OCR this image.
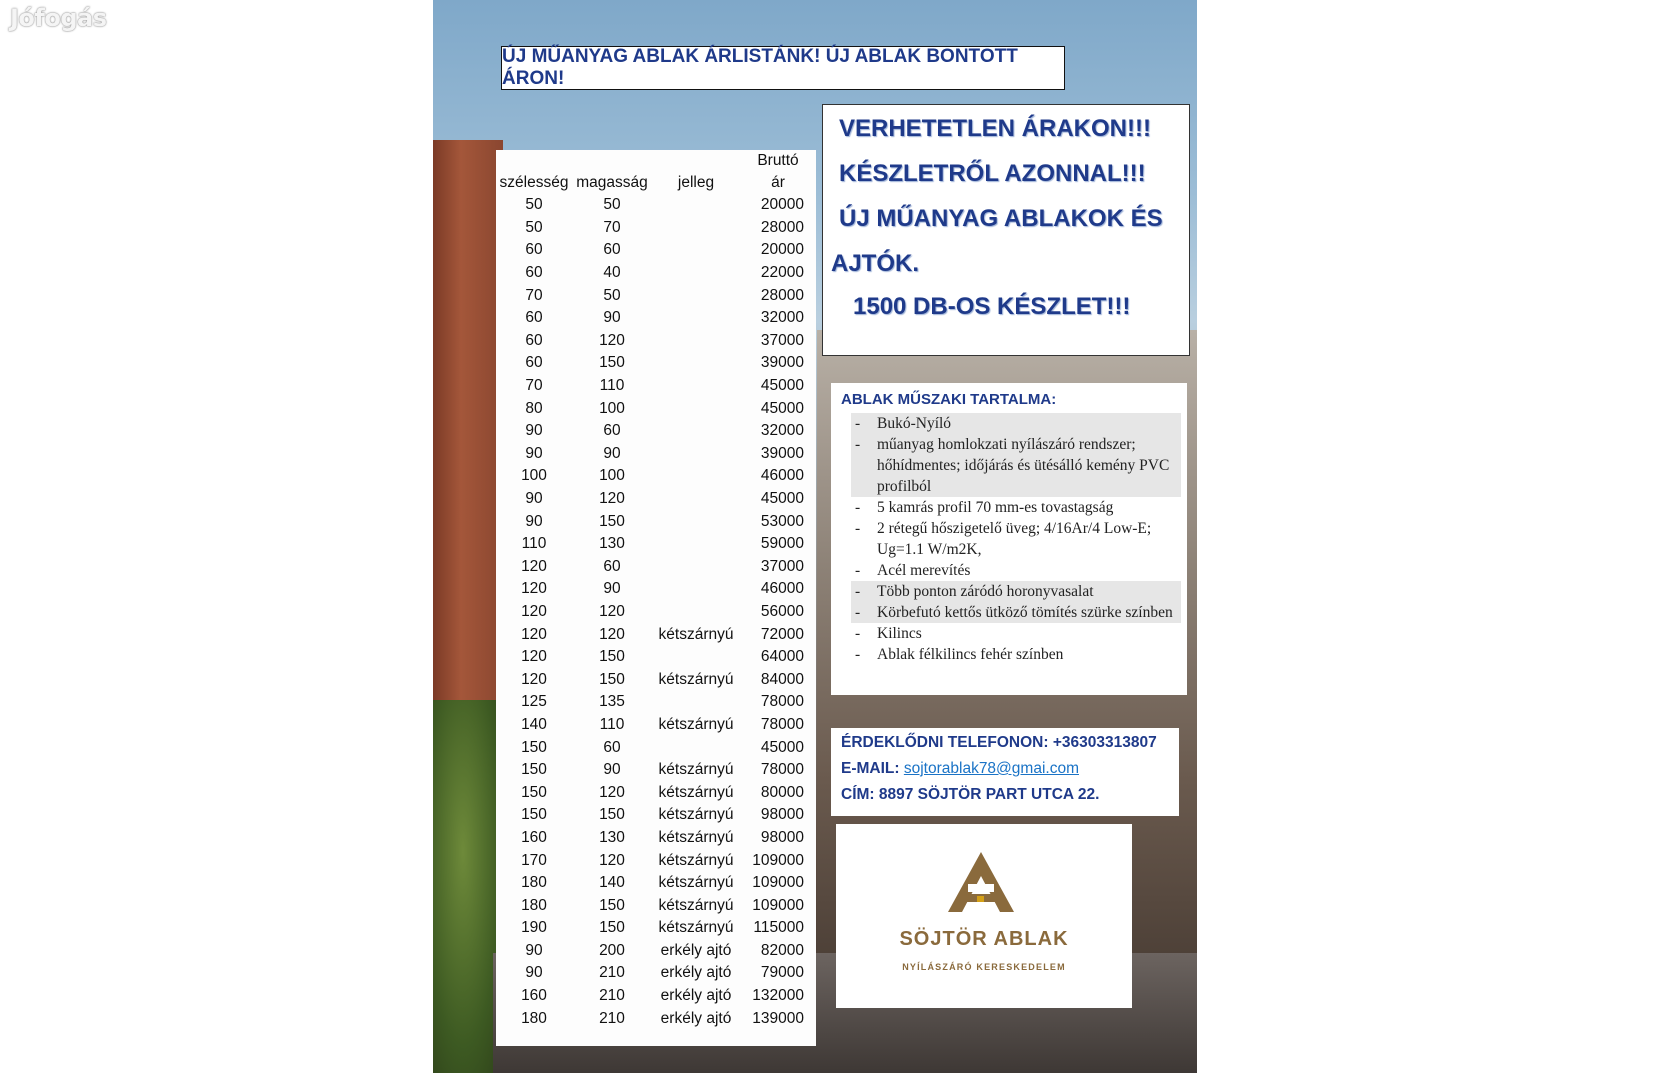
Jófogás
ÚJ MŰANYAG ABLAK ÁRLISTÁNK! ÚJ ABLAK BONTOTT ÁRON!
szélesség	magasság	jelleg	Bruttó
ár

50	50		20000
50	70		28000
60	60		20000
60	40		22000
70	50		28000
60	90		32000
60	120		37000
60	150		39000
70	110		45000
80	100		45000
90	60		32000
90	90		39000
100	100		46000
90	120		45000
90	150		53000
110	130		59000
120	60		37000
120	90		46000
120	120		56000
120	120	kétszárnyú	72000
120	150		64000
120	150	kétszárnyú	84000
125	135		78000
140	110	kétszárnyú	78000
150	60		45000
150	90	kétszárnyú	78000
150	120	kétszárnyú	80000
150	150	kétszárnyú	98000
160	130	kétszárnyú	98000
170	120	kétszárnyú	109000
180	140	kétszárnyú	109000
180	150	kétszárnyú	109000
190	150	kétszárnyú	115000
90	200	erkély ajtó	82000
90	210	erkély ajtó	79000
160	210	erkély ajtó	132000
180	210	erkély ajtó	139000
VERHETETLEN ÁRAKON!!!
KÉSZLETRŐL AZONNAL!!!
ÚJ MŰANYAG ABLAKOK ÉS
AJTÓK.
1500 DB-OS KÉSZLET!!!
ABLAK MŰSZAKI TARTALMA:
- Bukó-Nyíló
- műanyag homlokzati nyílászáró rendszer; hőhídmentes; időjárás és ütésálló kemény PVC profilból
- 5 kamrás profil 70 mm-es tovastagság
- 2 rétegű hőszigetelő üveg; 4/16Ar/4 Low-E; Ug=1.1 W/m2K,
- Acél merevítés
- Több ponton záródó horonyvasalat
- Körbefutó kettős ütköző tömítés szürke színben
- Kilincs
- Ablak félkilincs fehér színben
ÉRDEKLŐDNI TELEFONON: +36303313807
E-MAIL: sojtorablak78@gmai.com
CÍM: 8897 SÖJTÖR PART UTCA 22.
SÖJTÖR ABLAK
NYÍLÁSZÁRÓ KERESKEDELEM
